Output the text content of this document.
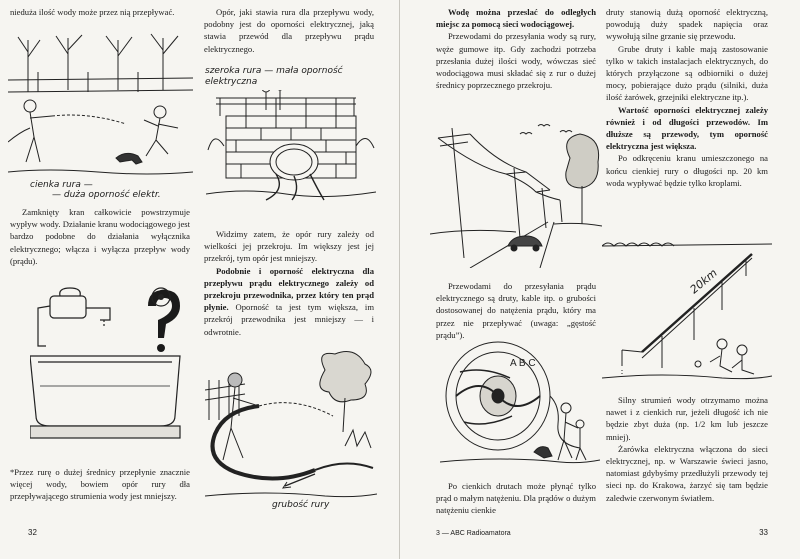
nieduża ilość wody może przez nią przepływać.

cienka rura —
— duża oporność elektr.

Zamknięty kran całkowicie powstrzymuje wypływ wody. Działanie kranu wodociągowego jest bardzo podobne do działania wyłącznika elektrycznego; włącza i wyłącza przepływ wody (prądu).

*Przez rurę o dużej średnicy przepłynie znacznie więcej wody, bowiem opór rury dła przepływającego strumienia wody jest mniejszy.

Opór, jaki stawia rura dla przepływu wody, podobny jest do oporności elektrycznej, jaką stawia przewód dla przepływu prądu elektrycznego.

szeroka rura — mała oporność elektryczna

Widzimy zatem, że opór rury zależy od wielkości jej przekroju. Im większy jest jej przekrój, tym opór jest mniejszy.

Podobnie i oporność elektryczna dla przepływu prądu elektrycznego zależy od przekroju przewodnika, przez który ten prąd płynie. Oporność ta jest tym większa, im przekrój przewodnika jest mniejszy — i odwrotnie.

grubość rury
32

Wodę można przeslać do odległych miejsc za pomocą sieci wodociągowej.

Przewodami do przesyłania wody są rury, węże gumowe itp. Gdy zachodzi potrzeba przesłania dużej ilości wody, wówczas sieć wodociągowa musi składać się z rur o dużej średnicy poprzecznego przekroju.

Przewodami do przesyłania prądu elektrycznego są druty, kable itp. o grubości dostosowanej do natężenia prądu, który ma przez nie przepływać (uwaga: „gęstość prądu”).

A B C

Po cienkich drutach może płynąć tylko prąd o małym natężeniu. Dla prądów o dużym natężeniu cienkie

3 — ABC Radioamatora

druty stanowią dużą oporność elektryczną, powodują duży spadek napięcia oraz wywołują silne grzanie się przewodu.

Grube druty i kable mają zastosowanie tylko w takich instalacjach elektrycznych, do których przyłączone są odbiorniki o dużej mocy, pobierające dużo prądu (silniki, duża ilość żarówek, grzejniki elektryczne itp.).

Wartość oporności elektrycznej zależy również i od długości przewodów. Im dłuższe są przewody, tym oporność elektryczna jest większa.

Po odkręceniu kranu umieszczonego na końcu cienkiej rury o długości np. 20 km woda wypływać będzie tylko kroplami.

20km

Silny strumień wody otrzymamo można nawet i z cienkich rur, jeżeli długość ich nie będzie zbyt duża (np. 1/2 km lub jeszcze mniej).

Żarówka elektryczna włączona do sieci elektrycznej, np. w Warszawie świeci jasno, natomiast gdybyśmy przedłużyli przewody tej sieci np. do Krakowa, żarzyć się tam będzie zaledwie czerwonym światłem.

33
